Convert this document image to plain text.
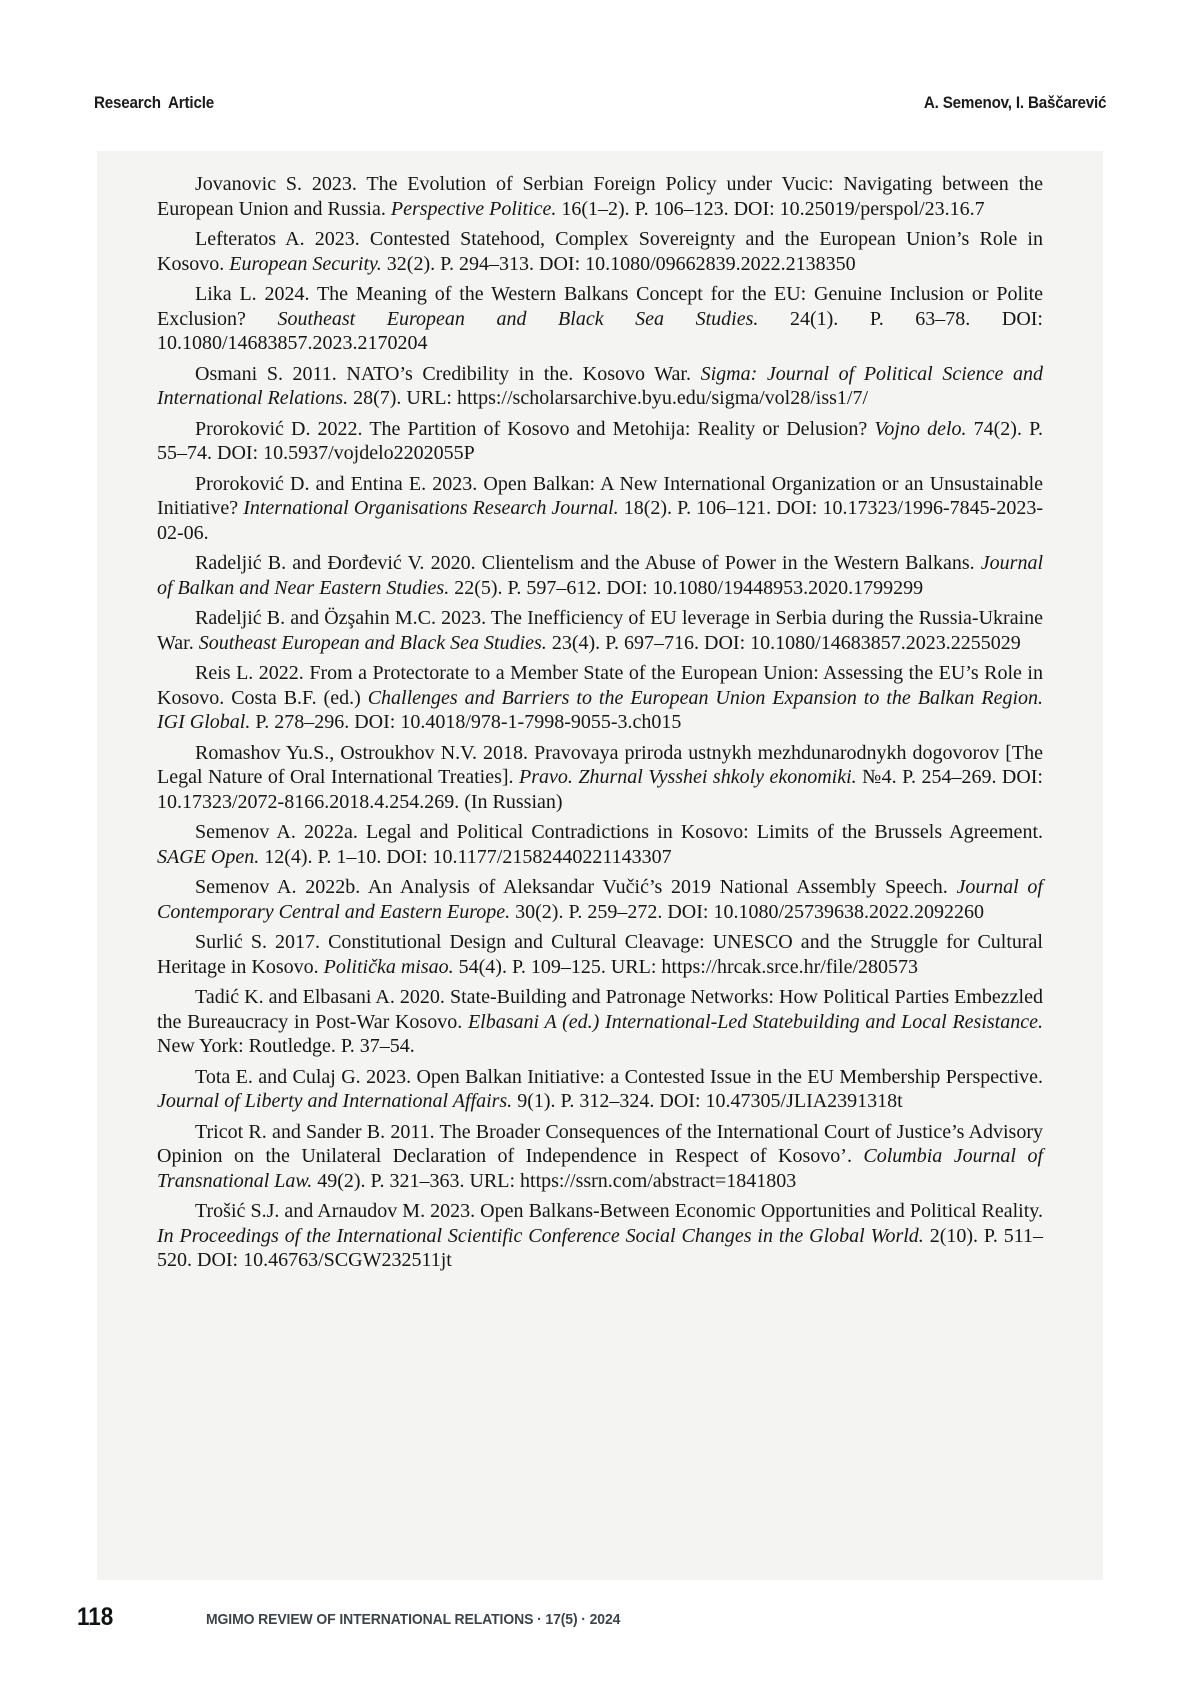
Research Article	A. Semenov, I. Baščarević

Jovanovic S. 2023. The Evolution of Serbian Foreign Policy under Vucic: Navigating between the European Union and Russia. Perspective Politice. 16(1–2). P. 106–123. DOI: 10.25019/perspol/23.16.7

Lefteratos A. 2023. Contested Statehood, Complex Sovereignty and the European Union’s Role in Kosovo. European Security. 32(2). P. 294–313. DOI: 10.1080/09662839.2022.2138350

Lika L. 2024. The Meaning of the Western Balkans Concept for the EU: Genuine Inclusion or Polite Exclusion? Southeast European and Black Sea Studies. 24(1). P. 63–78. DOI: 10.1080/14683857.2023.2170204

Osmani S. 2011. NATO’s Credibility in the. Kosovo War. Sigma: Journal of Political Science and International Relations. 28(7). URL: https://scholarsarchive.byu.edu/sigma/vol28/iss1/7/

Proroković D. 2022. The Partition of Kosovo and Metohija: Reality or Delusion? Vojno delo. 74(2). P. 55–74. DOI: 10.5937/vojdelo2202055P

Proroković D. and Entina E. 2023. Open Balkan: A New International Organization or an Unsustainable Initiative? International Organisations Research Journal. 18(2). P. 106–121. DOI: 10.17323/1996-7845-2023-02-06.

Radeljić B. and Đorđević V. 2020. Clientelism and the Abuse of Power in the Western Balkans. Journal of Balkan and Near Eastern Studies. 22(5). P. 597–612. DOI: 10.1080/19448953.2020.1799299

Radeljić B. and Özşahin M.C. 2023. The Inefficiency of EU leverage in Serbia during the Russia-Ukraine War. Southeast European and Black Sea Studies. 23(4). P. 697–716. DOI: 10.1080/14683857.2023.2255029

Reis L. 2022. From a Protectorate to a Member State of the European Union: Assessing the EU’s Role in Kosovo. Costa B.F. (ed.) Challenges and Barriers to the European Union Expansion to the Balkan Region. IGI Global. P. 278–296. DOI: 10.4018/978-1-7998-9055-3.ch015

Romashov Yu.S., Ostroukhov N.V. 2018. Pravovaya priroda ustnykh mezhdunarodnykh dogovorov [The Legal Nature of Oral International Treaties]. Pravo. Zhurnal Vysshei shkoly ekonomiki. №4. P. 254–269. DOI: 10.17323/2072-8166.2018.4.254.269. (In Russian)

Semenov A. 2022a. Legal and Political Contradictions in Kosovo: Limits of the Brussels Agreement. SAGE Open. 12(4). P. 1–10. DOI: 10.1177/21582440221143307

Semenov A. 2022b. An Analysis of Aleksandar Vučić’s 2019 National Assembly Speech. Journal of Contemporary Central and Eastern Europe. 30(2). P. 259–272. DOI: 10.1080/25739638.2022.2092260

Surlić S. 2017. Constitutional Design and Cultural Cleavage: UNESCO and the Struggle for Cultural Heritage in Kosovo. Politička misao. 54(4). P. 109–125. URL: https://hrcak.srce.hr/file/280573

Tadić K. and Elbasani A. 2020. State-Building and Patronage Networks: How Political Parties Embezzled the Bureaucracy in Post-War Kosovo. Elbasani A (ed.) International-Led Statebuilding and Local Resistance. New York: Routledge. P. 37–54.

Tota E. and Culaj G. 2023. Open Balkan Initiative: a Contested Issue in the EU Membership Perspective. Journal of Liberty and International Affairs. 9(1). P. 312–324. DOI: 10.47305/JLIA2391318t

Tricot R. and Sander B. 2011. The Broader Consequences of the International Court of Justice’s Advisory Opinion on the Unilateral Declaration of Independence in Respect of Kosovo’. Columbia Journal of Transnational Law. 49(2). P. 321–363. URL: https://ssrn.com/abstract=1841803

Trošić S.J. and Arnaudov M. 2023. Open Balkans-Between Economic Opportunities and Political Reality. In Proceedings of the International Scientific Conference Social Changes in the Global World. 2(10). P. 511–520. DOI: 10.46763/SCGW232511jt

118	MGIMO REVIEW OF INTERNATIONAL RELATIONS · 17(5) · 2024
